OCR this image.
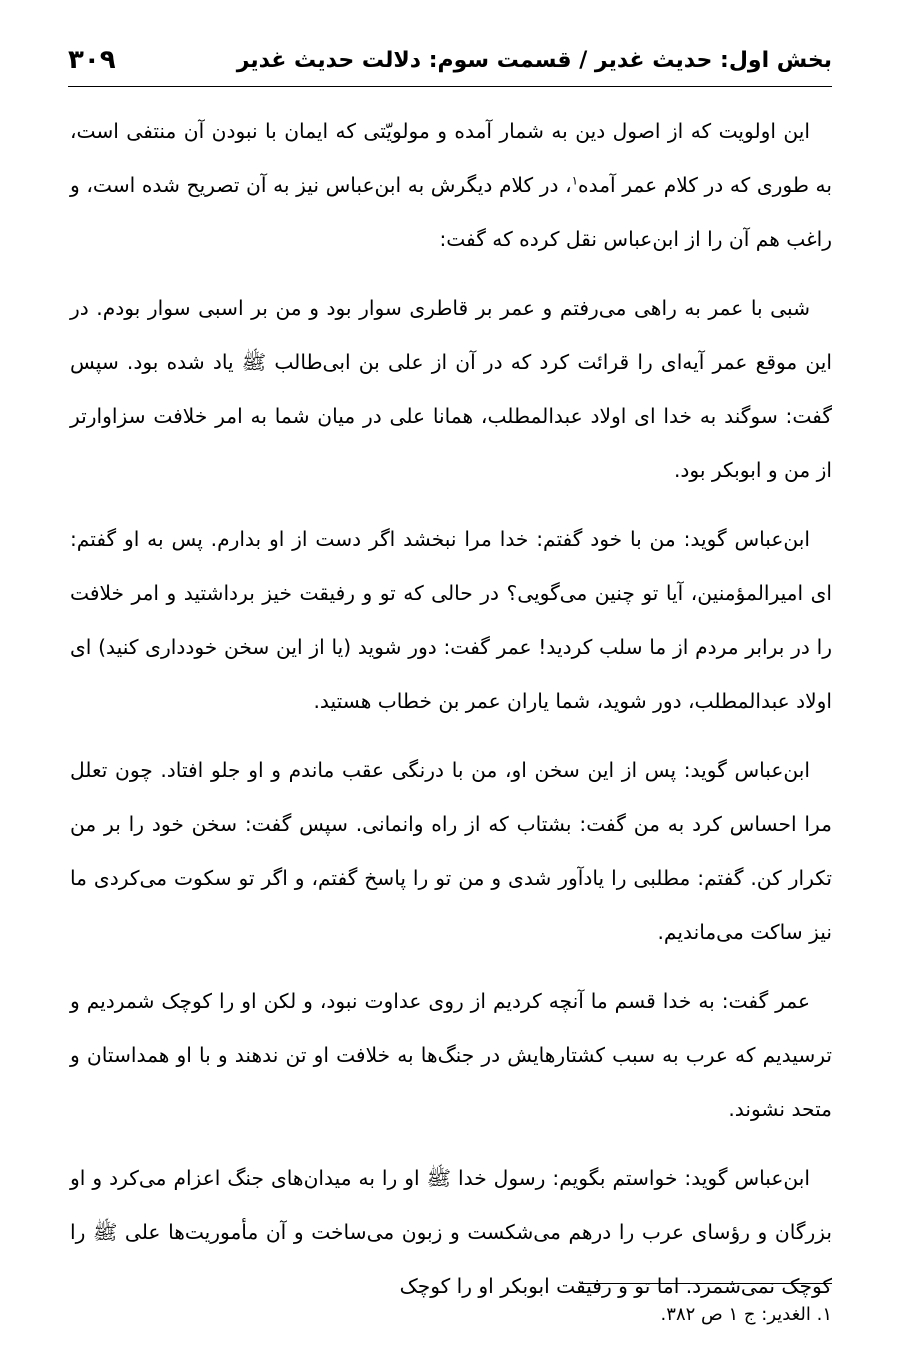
بخش اول: حدیث غدیر / قسمت سوم: دلالت حدیث غدیر
۳۰۹

این اولویت که از اصول دین به شمار آمده و مولویّتی که ایمان با نبودن آن منتفی است، به طوری که در کلام عمر آمده$^۱$، در کلام دیگرش به ابن‌عباس نیز به آن تصریح شده است، و راغب هم آن را از ابن‌عباس نقل کرده که گفت:

شبی با عمر به راهی می‌رفتم و عمر بر قاطری سوار بود و من بر اسبی سوار بودم. در این موقع عمر آیه‌ای را قرائت کرد که در آن از علی بن ابی‌طالب ﷺ یاد شده بود. سپس گفت: سوگند به خدا ای اولاد عبدالمطلب، همانا علی در میان شما به امر خلافت سزاوارتر از من و ابوبکر بود.

ابن‌عباس گوید: من با خود گفتم: خدا مرا نبخشد اگر دست از او بدارم. پس به او گفتم: ای امیرالمؤمنین، آیا تو چنین می‌گویی؟ در حالی که تو و رفیقت خیز برداشتید و امر خلافت را در برابر مردم از ما سلب کردید! عمر گفت: دور شوید (یا از این سخن خودداری کنید) ای اولاد عبدالمطلب، دور شوید، شما یاران عمر بن خطاب هستید.

ابن‌عباس گوید: پس از این سخن او، من با درنگی عقب ماندم و او جلو افتاد. چون تعلل مرا احساس کرد به من گفت: بشتاب که از راه وانمانی. سپس گفت: سخن خود را بر من تکرار کن. گفتم: مطلبی را یادآور شدی و من تو را پاسخ گفتم، و اگر تو سکوت می‌کردی ما نیز ساکت می‌ماندیم.

عمر گفت: به خدا قسم ما آنچه کردیم از روی عداوت نبود، و لکن او را کوچک شمردیم و ترسیدیم که عرب به سبب کشتارهایش در جنگ‌ها به خلافت او تن ندهند و با او همداستان و متحد نشوند.

ابن‌عباس گوید: خواستم بگویم: رسول خدا ﷺ او را به میدان‌های جنگ اعزام می‌کرد و او بزرگان و رؤسای عرب را درهم می‌شکست و زبون می‌ساخت و آن مأموریت‌ها علی ﷺ را کوچک نمی‌شمرد. اما تو و رفیقت ابوبکر او را کوچک

۱. الغدیر: ج ۱ ص ۳۸۲.
